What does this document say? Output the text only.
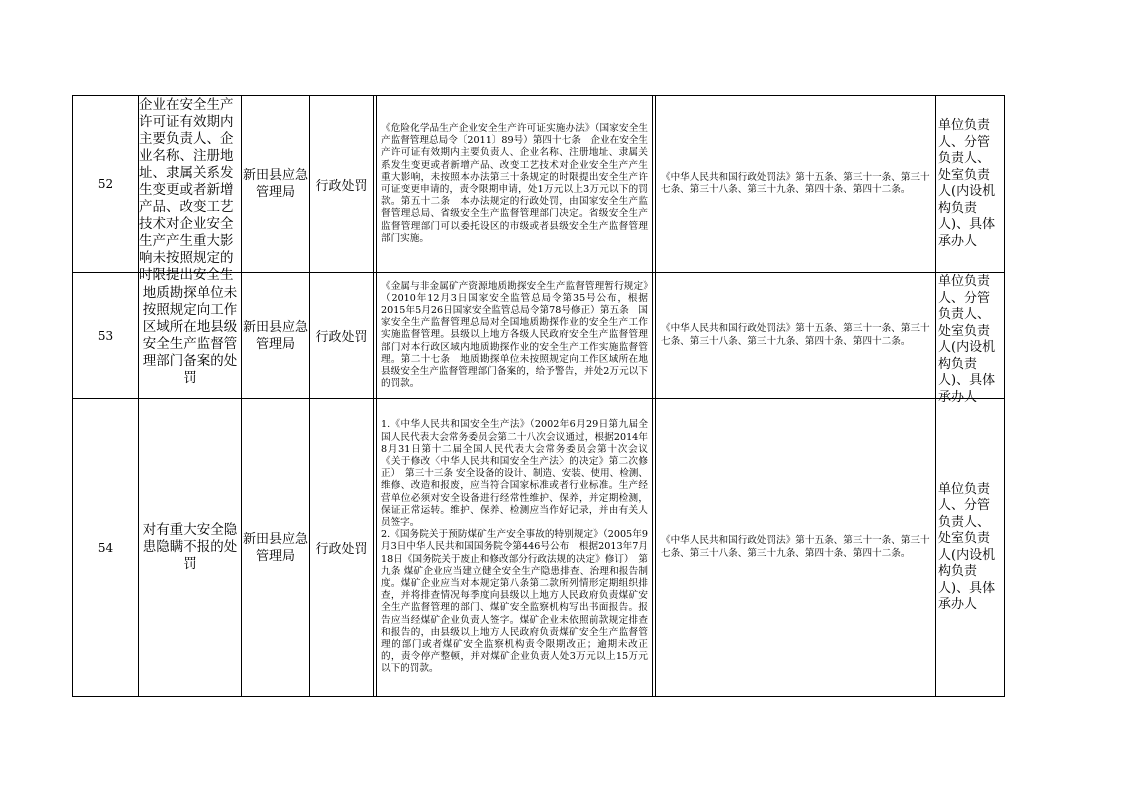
52	企业在安全生产许可证有效期内主要负责人、企业名称、注册地址、隶属关系发生变更或者新增产品、改变工艺技术对企业安全生产产生重大影响未按照规定的时限提出安全生	新田县应急管理局	行政处罚	《危险化学品生产企业安全生产许可证实施办法》（国家安全生产监督管理总局令〔2011〕89号）第四十七条　企业在安全生产许可证有效期内主要负责人、企业名称、注册地址、隶属关系发生变更或者新增产品、改变工艺技术对企业安全生产产生重大影响，未按照本办法第三十条规定的时限提出安全生产许可证变更申请的，责令限期申请，处1万元以上3万元以下的罚款。第五十二条　本办法规定的行政处罚，由国家安全生产监督管理总局、省级安全生产监督管理部门决定。省级安全生产监督管理部门可以委托设区的市级或者县级安全生产监督管理部门实施。	《中华人民共和国行政处罚法》第十五条、第三十一条、第三十七条、第三十八条、第三十九条、第四十条、第四十二条。	单位负责人、分管负责人、处室负责人(内设机构负责人)、具体承办人

53	地质勘探单位未按照规定向工作区域所在地县级安全生产监督管理部门备案的处罚	新田县应急管理局	行政处罚	《金属与非金属矿产资源地质勘探安全生产监督管理暂行规定》（2010年12月3日国家安全监管总局令第35号公布，根据2015年5月26日国家安全监管总局令第78号修正）第五条　国家安全生产监督管理总局对全国地质勘探作业的安全生产工作实施监督管理。县级以上地方各级人民政府安全生产监督管理部门对本行政区域内地质勘探作业的安全生产工作实施监督管理。第二十七条　地质勘探单位未按照规定向工作区域所在地县级安全生产监督管理部门备案的，给予警告，并处2万元以下的罚款。	《中华人民共和国行政处罚法》第十五条、第三十一条、第三十七条、第三十八条、第三十九条、第四十条、第四十二条。	单位负责人、分管负责人、处室负责人(内设机构负责人)、具体承办人

54	对有重大安全隐患隐瞒不报的处罚	新田县应急管理局	行政处罚	1.《中华人民共和国安全生产法》（2002年6月29日第九届全国人民代表大会常务委员会第二十八次会议通过，根据2014年8月31日第十二届全国人民代表大会常务委员会第十次会议《关于修改〈中华人民共和国安全生产法〉的决定》第二次修正）　第三十三条 安全设备的设计、制造、安装、使用、检测、维修、改造和报废，应当符合国家标准或者行业标准。生产经营单位必须对安全设备进行经常性维护、保养，并定期检测，保证正常运转。维护、保养、检测应当作好记录，并由有关人员签字。
2.《国务院关于预防煤矿生产安全事故的特别规定》（2005年9月3日中华人民共和国国务院令第446号公布　根据2013年7月18日《国务院关于废止和修改部分行政法规的决定》修订）　第九条 煤矿企业应当建立健全安全生产隐患排查、治理和报告制度。煤矿企业应当对本规定第八条第二款所列情形定期组织排查，并将排查情况每季度向县级以上地方人民政府负责煤矿安全生产监督管理的部门、煤矿安全监察机构写出书面报告。报告应当经煤矿企业负责人签字。煤矿企业未依照前款规定排查和报告的，由县级以上地方人民政府负责煤矿安全生产监督管理的部门或者煤矿安全监察机构责令限期改正；逾期未改正的，责令停产整顿，并对煤矿企业负责人处3万元以上15万元以下的罚款。	《中华人民共和国行政处罚法》第十五条、第三十一条、第三十七条、第三十八条、第三十九条、第四十条、第四十二条。	单位负责人、分管负责人、处室负责人(内设机构负责人)、具体承办人
